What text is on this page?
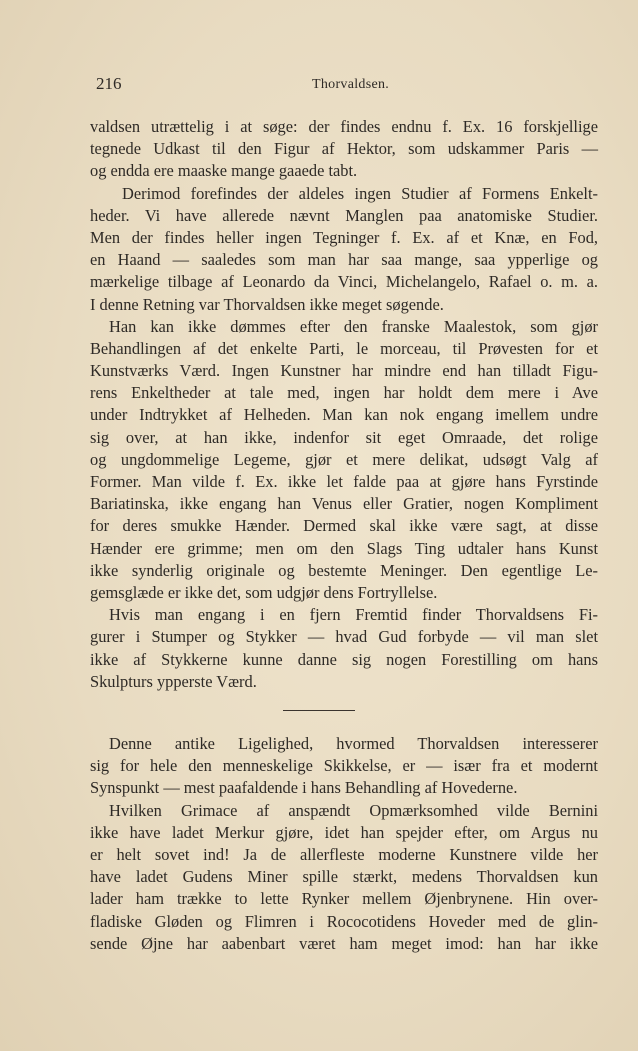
216	Thorvaldsen.
valdsen utrættelig i at søge: der findes endnu f. Ex. 16 forskjellige
tegnede Udkast til den Figur af Hektor, som udskammer Paris —
og endda ere maaske mange gaaede tabt.
Derimod forefindes der aldeles ingen Studier af Formens Enkelt-
heder. Vi have allerede nævnt Manglen paa anatomiske Studier.
Men der findes heller ingen Tegninger f. Ex. af et Knæ, en Fod,
en Haand — saaledes som man har saa mange, saa ypperlige og
mærkelige tilbage af Leonardo da Vinci, Michelangelo, Rafael o. m. a.
I denne Retning var Thorvaldsen ikke meget søgende.
Han kan ikke dømmes efter den franske Maalestok, som gjør
Behandlingen af det enkelte Parti, le morceau, til Prøvesten for et
Kunstværks Værd. Ingen Kunstner har mindre end han tilladt Figu-
rens Enkeltheder at tale med, ingen har holdt dem mere i Ave
under Indtrykket af Helheden. Man kan nok engang imellem undre
sig over, at han ikke, indenfor sit eget Omraade, det rolige
og ungdommelige Legeme, gjør et mere delikat, udsøgt Valg af
Former. Man vilde f. Ex. ikke let falde paa at gjøre hans Fyrstinde
Bariatinska, ikke engang han Venus eller Gratier, nogen Kompliment
for deres smukke Hænder. Dermed skal ikke være sagt, at disse
Hænder ere grimme; men om den Slags Ting udtaler hans Kunst
ikke synderlig originale og bestemte Meninger. Den egentlige Le-
gemsglæde er ikke det, som udgjør dens Fortryllelse.
Hvis man engang i en fjern Fremtid finder Thorvaldsens Fi-
gurer i Stumper og Stykker — hvad Gud forbyde — vil man slet
ikke af Stykkerne kunne danne sig nogen Forestilling om hans
Skulpturs ypperste Værd.
Denne antike Ligelighed, hvormed Thorvaldsen interesserer
sig for hele den menneskelige Skikkelse, er — især fra et modernt
Synspunkt — mest paafaldende i hans Behandling af Hovederne.
Hvilken Grimace af anspændt Opmærksomhed vilde Bernini
ikke have ladet Merkur gjøre, idet han spejder efter, om Argus nu
er helt sovet ind! Ja de allerfleste moderne Kunstnere vilde her
have ladet Gudens Miner spille stærkt, medens Thorvaldsen kun
lader ham trække to lette Rynker mellem Øjenbrynene. Hin over-
fladiske Gløden og Flimren i Rococotidens Hoveder med de glin-
sende Øjne har aabenbart været ham meget imod: han har ikke
